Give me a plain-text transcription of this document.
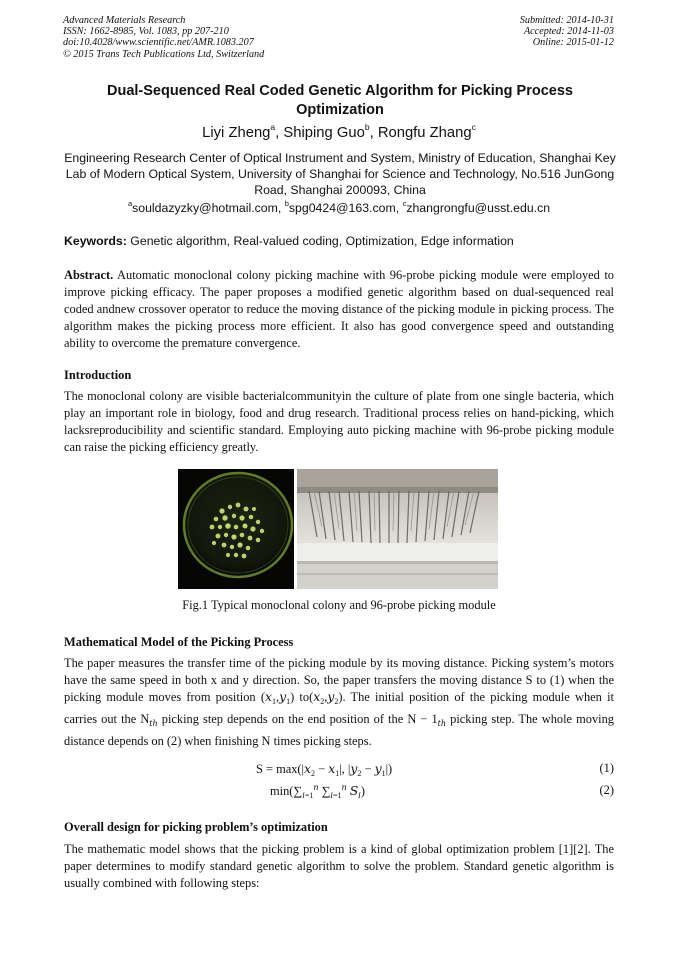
Advanced Materials Research
ISSN: 1662-8985, Vol. 1083, pp 207-210
doi:10.4028/www.scientific.net/AMR.1083.207
© 2015 Trans Tech Publications Ltd, Switzerland
Submitted: 2014-10-31
Accepted: 2014-11-03
Online: 2015-01-12
Dual-Sequenced Real Coded Genetic Algorithm for Picking Process Optimization
Liyi Zheng$^a$, Shiping Guo$^b$, Rongfu Zhang$^c$
Engineering Research Center of Optical Instrument and System, Ministry of Education, Shanghai Key Lab of Modern Optical System, University of Shanghai for Science and Technology, No.516 JunGong Road, Shanghai 200093, China
$^a$souldazyzky@hotmail.com, $^b$spg0424@163.com, $^c$zhangrongfu@usst.edu.cn
Keywords: Genetic algorithm, Real-valued coding, Optimization, Edge information
Abstract. Automatic monoclonal colony picking machine with 96-probe picking module were employed to improve picking efficacy. The paper proposes a modified genetic algorithm based on dual-sequenced real coded andnew crossover operator to reduce the moving distance of the picking module in picking process. The algorithm makes the picking process more efficient. It also has good convergence speed and outstanding ability to overcome the premature convergence.
Introduction
The monoclonal colony are visible bacterialcommunityin the culture of plate from one single bacteria, which play an important role in biology, food and drug research. Traditional process relies on hand-picking, which lacksreproducibility and scientific standard. Employing auto picking machine with 96-probe picking module can raise the picking efficiency greatly.
Fig.1 Typical monoclonal colony and 96-probe picking module
Mathematical Model of the Picking Process
The paper measures the transfer time of the picking module by its moving distance. Picking system’s motors have the same speed in both x and y direction. So, the paper transfers the moving distance S to (1) when the picking module moves from position $(x_1,y_1)$ $to(x_2,y_2)$. The initial position of the picking module when it carries out the $N_{th}$ picking step depends on the end position of the $N - 1_{th}$ picking step. The whole moving distance depends on (2) when finishing N times picking steps.
$S = \max(|x_2 - x_1|$, $|y_2 - y_1|$)	(1)
$\min(\sum_{i=1}^n$ $\sum_{i=1}^n$ $S_i$)	(2)
Overall design for picking problem’s optimization
The mathematic model shows that the picking problem is a kind of global optimization problem [1][2]. The paper determines to modify standard genetic algorithm to solve the problem. Standard genetic algorithm is usually combined with following steps:
